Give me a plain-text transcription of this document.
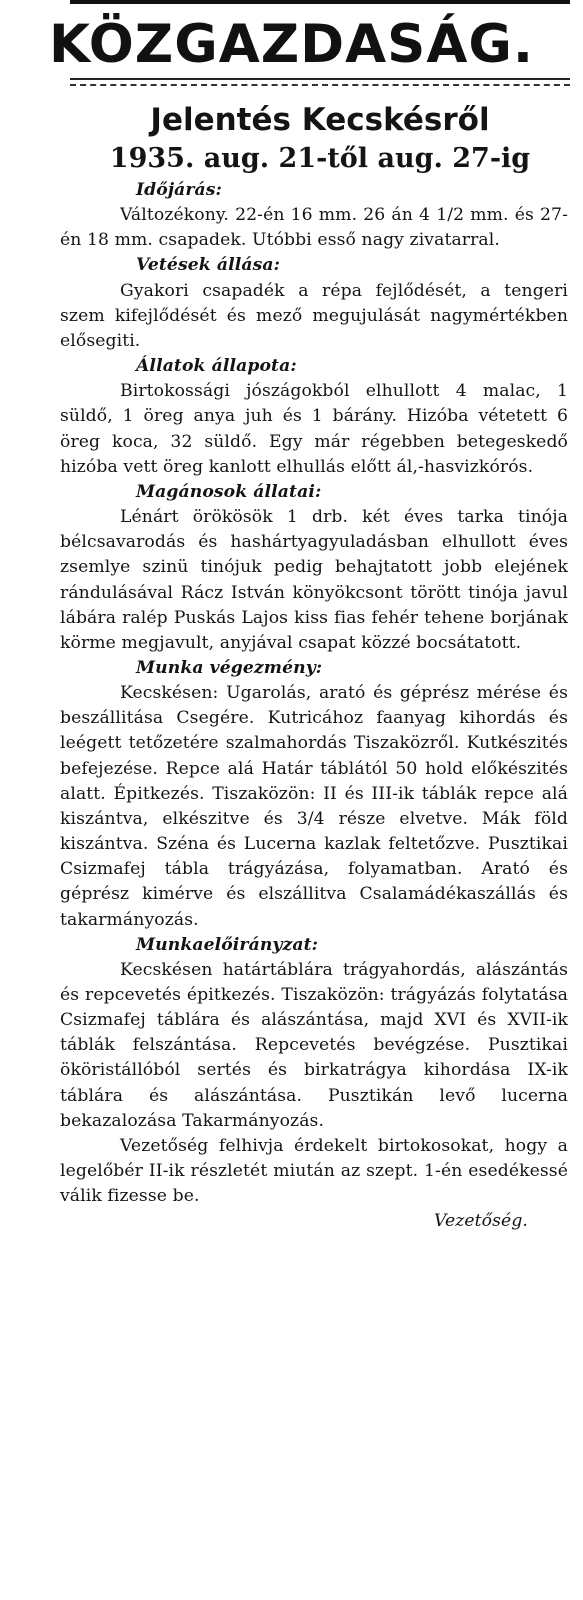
KÖZGAZDASÁG.
Jelentés Kecskésről
1935. aug. 21-től aug. 27-ig

Időjárás:

Változékony. 22-én 16 mm. 26 án 4 1/2 mm. és 27-én 18 mm. csapadek. Utóbbi esső nagy zivatarral.

Vetések állása:

Gyakori csapadék a répa fejlődését, a tengeri szem kifejlődését és mező megujulását nagymértékben elősegiti.

Állatok állapota:

Birtokossági jószágokból elhullott 4 malac, 1 süldő, 1 öreg anya juh és 1 bárány. Hizóba vétetett 6 öreg koca, 32 süldő. Egy már régebben betegeskedő hizóba vett öreg kanlott elhullás előtt ál,-hasvizkórós.

Magánosok állatai:

Lénárt örökösök 1 drb. két éves tarka tinója bélcsavarodás és hashártyagyuladásban elhullott éves zsemlye szinü tinójuk pedig behajtatott jobb elejének rándulásával Rácz István könyökcsont törött tinója javul lábára ralép Puskás Lajos kiss fias fehér tehene borjának körme megjavult, anyjával csapat közzé bocsátatott.

Munka végezmény:

Kecskésen: Ugarolás, arató és géprész mérése és beszállitása Csegére. Kutricához faanyag kihordás és leégett tetőzetére szalmahordás Tiszaközről. Kutkészités befejezése. Repce alá Határ táblától 50 hold előkészités alatt. Épitkezés. Tiszaközön: II és III-ik táblák repce alá kiszántva, elkészitve és 3/4 része elvetve. Mák föld kiszántva. Széna és Lucerna kazlak feltetőzve. Pusztikai Csizmafej tábla trágyázása, folyamatban. Arató és géprész kimérve és elszállitva Csalamádékaszállás és takarmányozás.

Munkaelőirányzat:

Kecskésen határtáblára trágyahordás, alászántás és repcevetés épitkezés. Tiszaközön: trágyázás folytatása Csizmafej táblára és alászántása, majd XVI és XVII-ik táblák felszántása. Repcevetés bevégzése. Pusztikai ököristállóból sertés és birkatrágya kihordása IX-ik táblára és alászántása. Pusztikán levő lucerna bekazalozása Takarmányozás.

Vezetőség felhivja érdekelt birtokosokat, hogy a legelőbér II-ik részletét miután az szept. 1-én esedékessé válik fizesse be.

Vezetőség.
